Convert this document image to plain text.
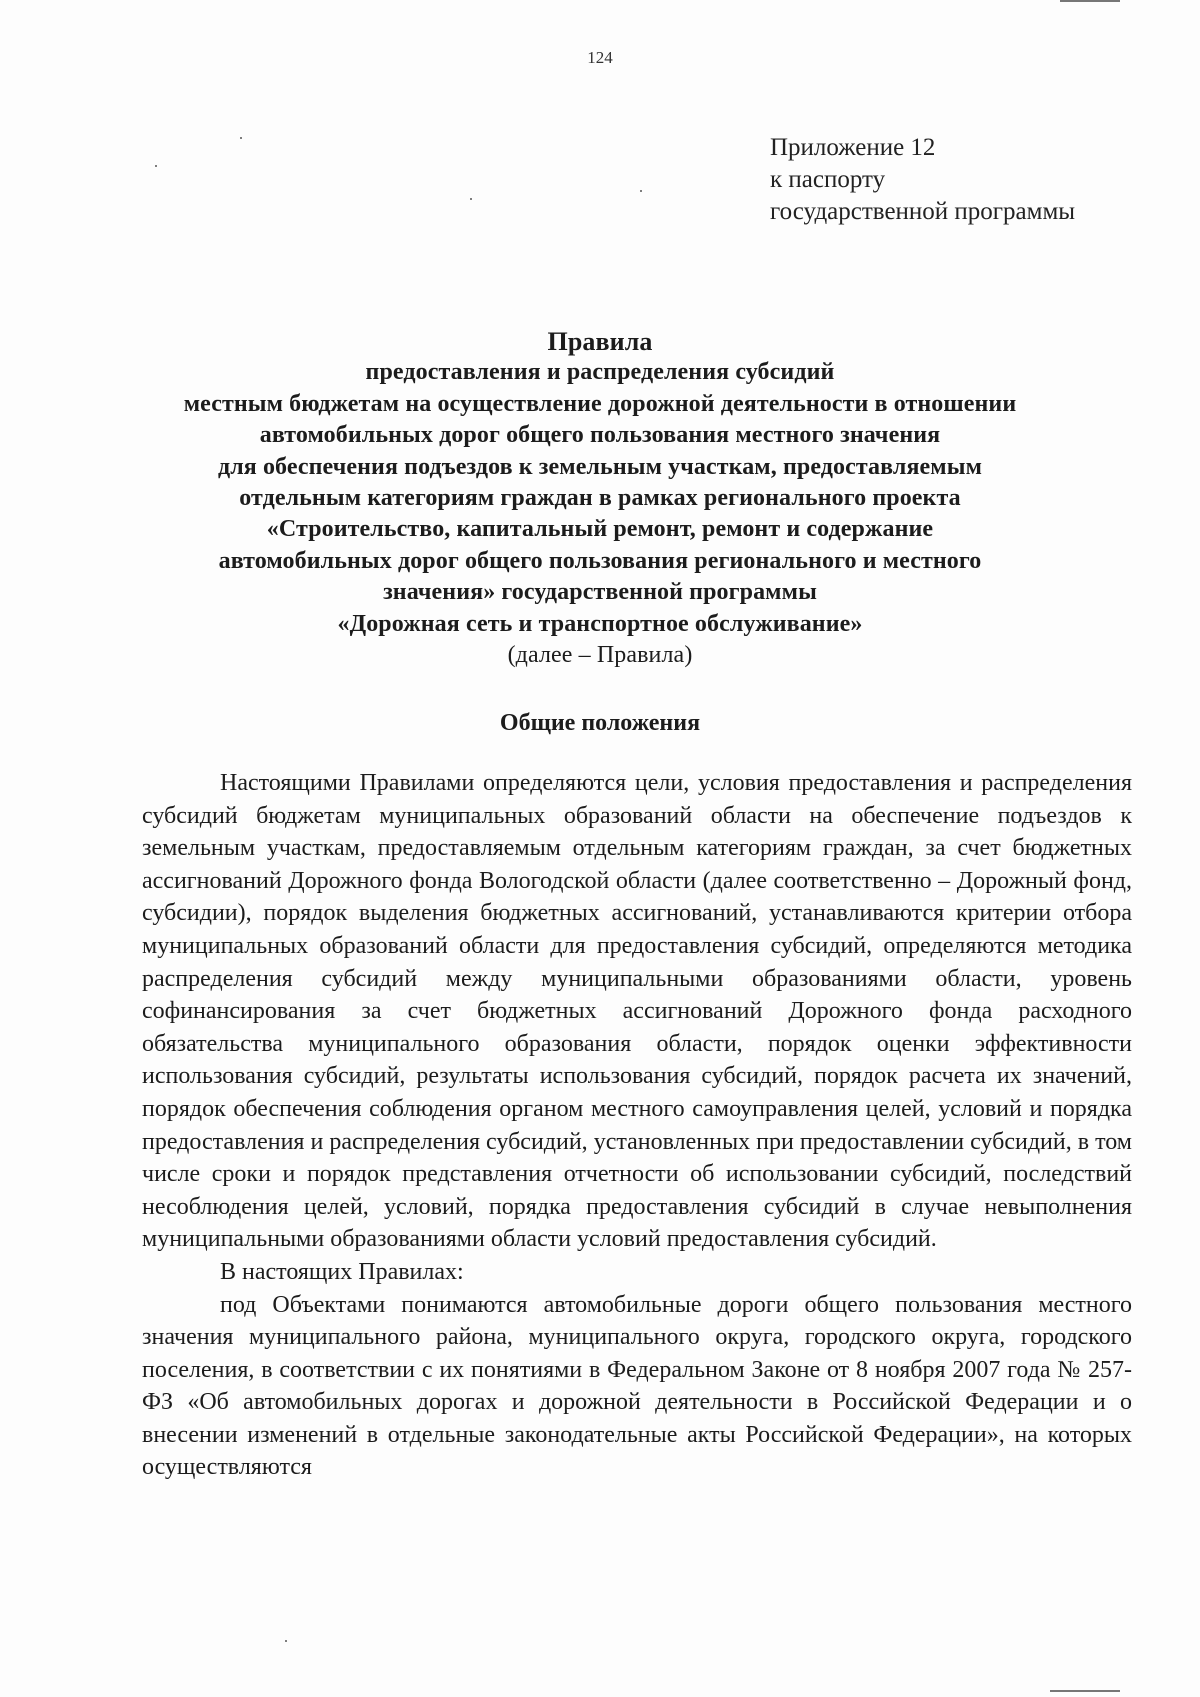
124
Приложение 12
к паспорту
государственной программы
Правила
предоставления и распределения субсидий
местным бюджетам на осуществление дорожной деятельности в отношении
автомобильных дорог общего пользования местного значения
для обеспечения подъездов к земельным участкам, предоставляемым
отдельным категориям граждан в рамках регионального проекта
«Строительство, капитальный ремонт, ремонт и содержание
автомобильных дорог общего пользования регионального и местного
значения» государственной программы
«Дорожная сеть и транспортное обслуживание»
(далее – Правила)
Общие положения

Настоящими Правилами определяются цели, условия предоставления и распределения субсидий бюджетам муниципальных образований области на обеспечение подъездов к земельным участкам, предоставляемым отдельным категориям граждан, за счет бюджетных ассигнований Дорожного фонда Вологодской области (далее соответственно – Дорожный фонд, субсидии), порядок выделения бюджетных ассигнований, устанавливаются критерии отбора муниципальных образований области для предоставления субсидий, определяются методика распределения субсидий между муниципальными образованиями области, уровень софинансирования за счет бюджетных ассигнований Дорожного фонда расходного обязательства муниципального образования области, порядок оценки эффективности использования субсидий, результаты использования субсидий, порядок расчета их значений, порядок обеспечения соблюдения органом местного самоуправления целей, условий и порядка предоставления и распределения субсидий, установленных при предоставлении субсидий, в том числе сроки и порядок представления отчетности об использовании субсидий, последствий несоблюдения целей, условий, порядка предоставления субсидий в случае невыполнения муниципальными образованиями области условий предоставления субсидий.

В настоящих Правилах:

под Объектами понимаются автомобильные дороги общего пользования местного значения муниципального района, муниципального округа, городского округа, городского поселения, в соответствии с их понятиями в Федеральном Законе от 8 ноября 2007 года № 257-ФЗ «Об автомобильных дорогах и дорожной деятельности в Российской Федерации и о внесении изменений в отдельные законодательные акты Российской Федерации», на которых осуществляются
